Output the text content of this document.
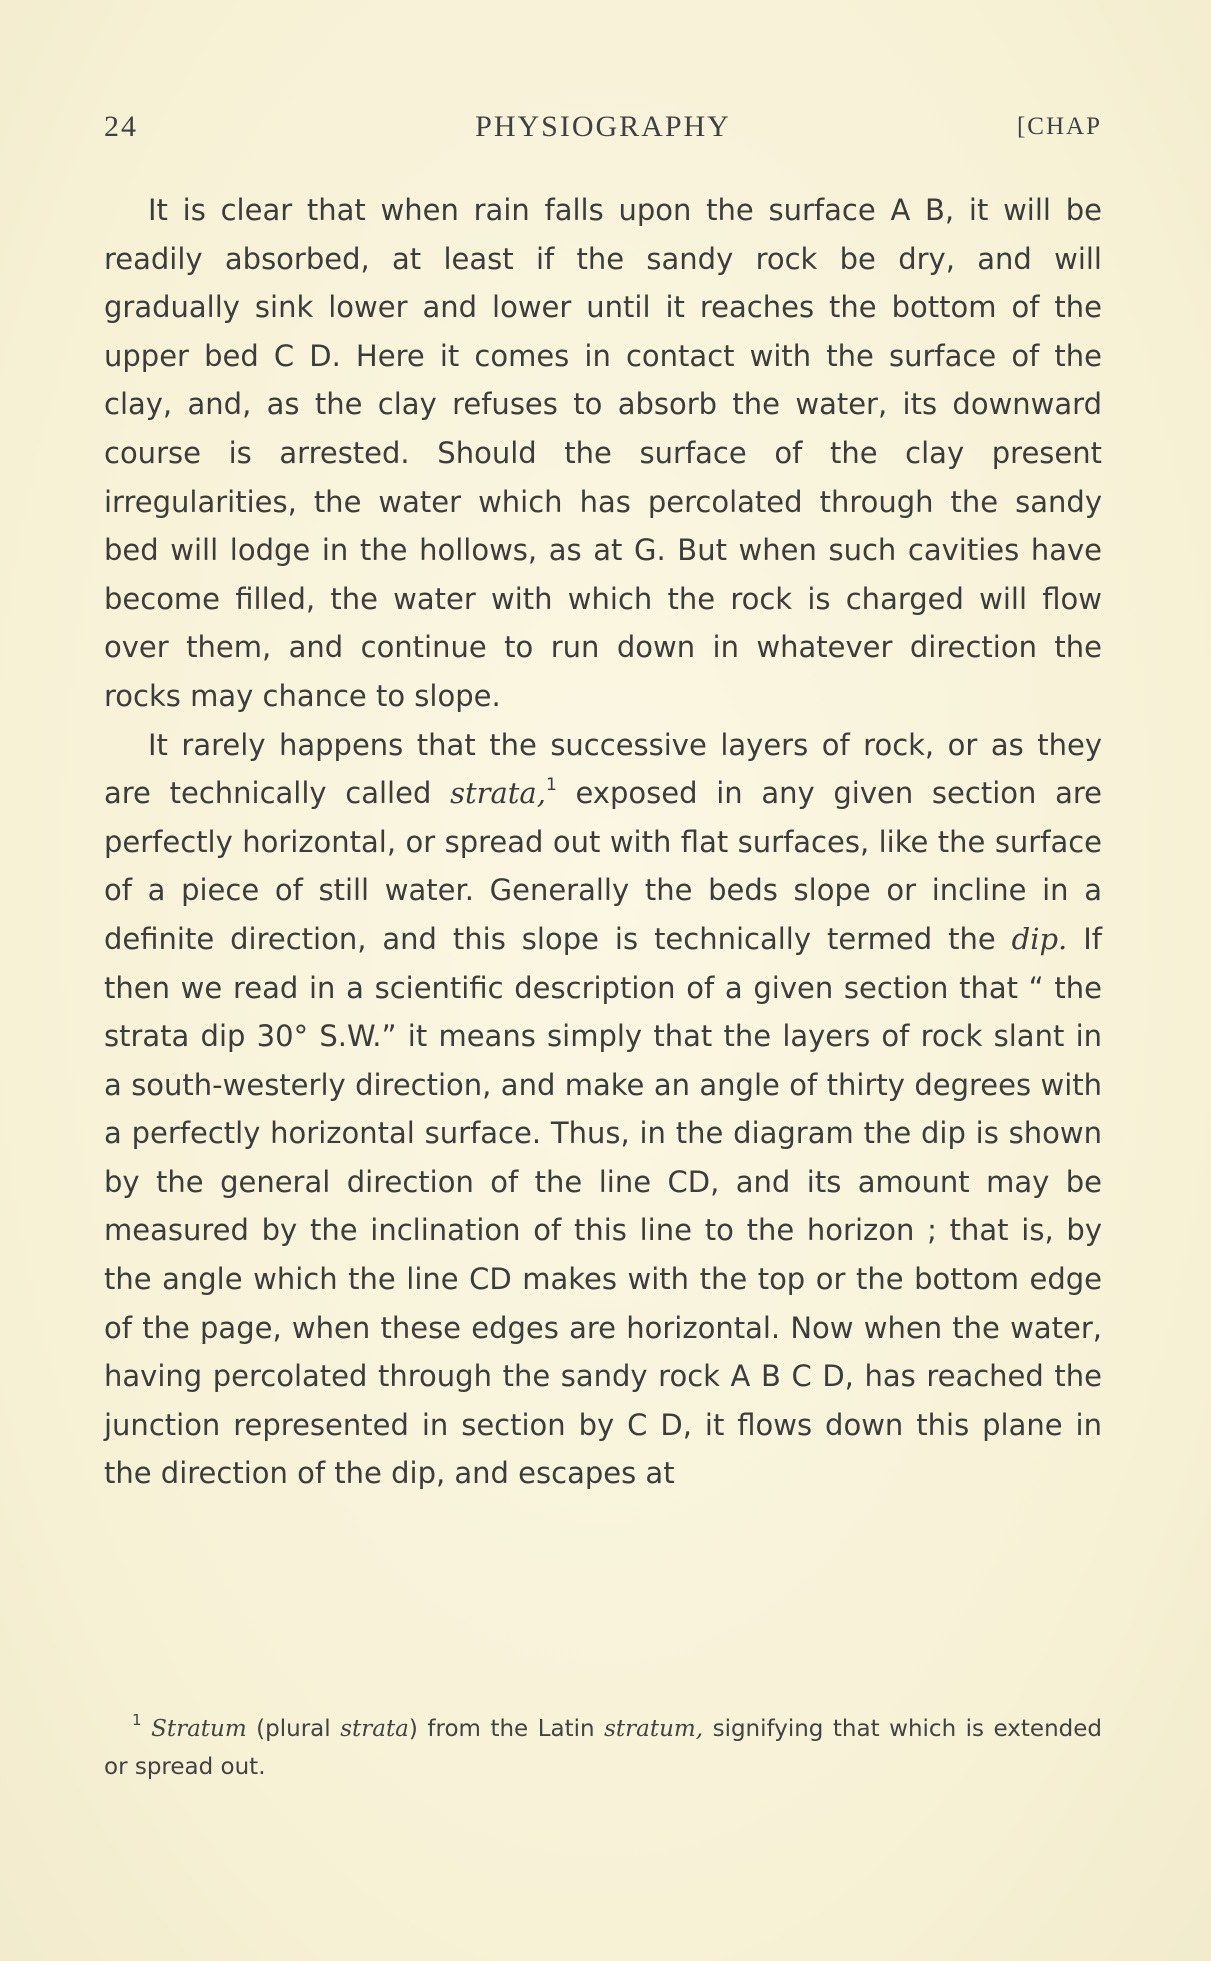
24	PHYSIOGRAPHY	[CHAP

It is clear that when rain falls upon the surface A B, it will be readily absorbed, at least if the sandy rock be dry, and will gradually sink lower and lower until it reaches the bottom of the upper bed C D. Here it comes in contact with the surface of the clay, and, as the clay refuses to absorb the water, its downward course is arrested. Should the surface of the clay present irregularities, the water which has percolated through the sandy bed will lodge in the hollows, as at G. But when such cavities have become filled, the water with which the rock is charged will flow over them, and continue to run down in whatever direction the rocks may chance to slope.

It rarely happens that the successive layers of rock, or as they are technically called strata,$^1$ exposed in any given section are perfectly horizontal, or spread out with flat surfaces, like the surface of a piece of still water. Generally the beds slope or incline in a definite direction, and this slope is technically termed the dip. If then we read in a scientific description of a given section that “ the strata dip 30° S.W.” it means simply that the layers of rock slant in a south-westerly direction, and make an angle of thirty degrees with a perfectly horizontal surface. Thus, in the diagram the dip is shown by the general direction of the line CD, and its amount may be measured by the inclination of this line to the horizon ; that is, by the angle which the line CD makes with the top or the bottom edge of the page, when these edges are horizontal. Now when the water, having percolated through the sandy rock A B C D, has reached the junction represented in section by C D, it flows down this plane in the direction of the dip, and escapes at

$^1$ Stratum (plural strata) from the Latin stratum, signifying that which is extended or spread out.
